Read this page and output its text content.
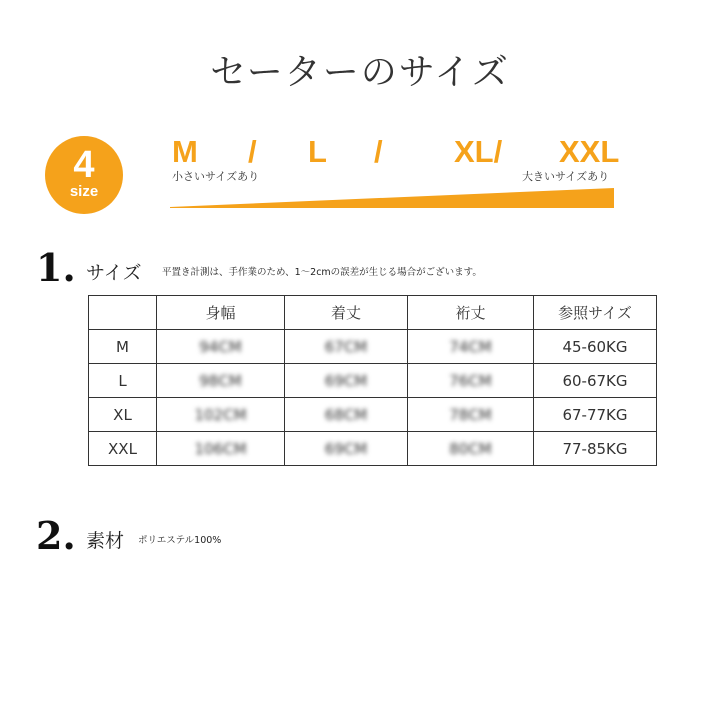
セーターのサイズ
4
size
M / L / XL/ XXL
小さいサイズあり	大きいサイズあり
1. サイズ 平置き計測は、手作業のため、1～2cmの誤差が生じる場合がございます。
	身幅	着丈	裄丈	参照サイズ
M	94CM	67CM	74CM	45-60KG
L	98CM	69CM	76CM	60-67KG
XL	102CM	68CM	78CM	67-77KG
XXL	106CM	69CM	80CM	77-85KG
2. 素材 ポリエステル100%
